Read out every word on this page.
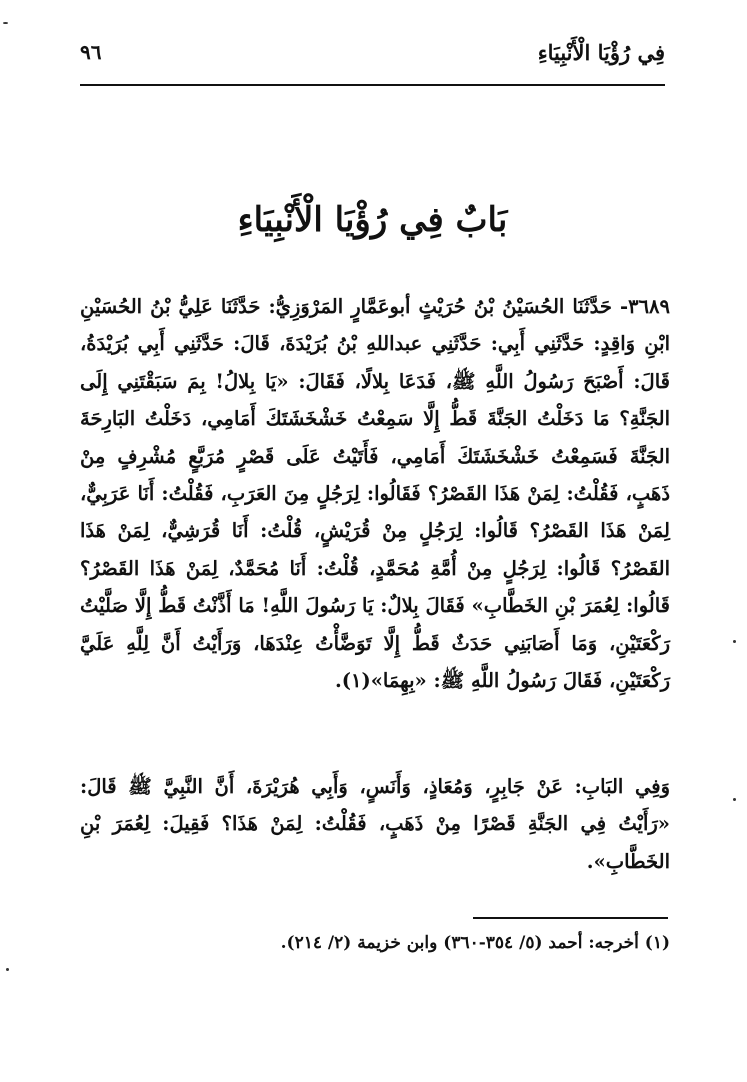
فِي رُؤْيَا الْأَنْبِيَاءِ
٩٦
بَابٌ فِي رُؤْيَا الْأَنْبِيَاءِ

٣٦٨٩- حَدَّثَنَا الحُسَيْنُ بْنُ حُرَيْثٍ أبوعَمَّارٍ المَرْوَزِيُّ: حَدَّثَنَا عَلِيُّ بْنُ الحُسَيْنِ ابْنِ وَاقِدٍ: حَدَّثَنِي أَبِي: حَدَّثَنِي عبداللهِ بْنُ بُرَيْدَةَ، قَالَ: حَدَّثَنِي أَبِي بُرَيْدَةُ، قَالَ: أَصْبَحَ رَسُولُ اللَّهِ ﷺ، فَدَعَا بِلالًا، فَقَالَ: «يَا بِلالُ! بِمَ سَبَقْتَنِي إِلَى الجَنَّةِ؟ مَا دَخَلْتُ الجَنَّةَ قَطُّ إِلَّا سَمِعْتُ خَشْخَشَتَكَ أَمَامِي، دَخَلْتُ البَارِحَةَ الجَنَّةَ فَسَمِعْتُ خَشْخَشَتَكَ أَمَامِي، فَأَتَيْتُ عَلَى قَصْرٍ مُرَبَّعٍ مُشْرِفٍ مِنْ ذَهَبٍ، فَقُلْتُ: لِمَنْ هَذَا القَصْرُ؟ فَقَالُوا: لِرَجُلٍ مِنَ العَرَبِ، فَقُلْتُ: أَنَا عَرَبِيٌّ، لِمَنْ هَذَا القَصْرُ؟ قَالُوا: لِرَجُلٍ مِنْ قُرَيْشٍ، قُلْتُ: أَنَا قُرَشِيٌّ، لِمَنْ هَذَا القَصْرُ؟ قَالُوا: لِرَجُلٍ مِنْ أُمَّةِ مُحَمَّدٍ، قُلْتُ: أَنَا مُحَمَّدٌ، لِمَنْ هَذَا القَصْرُ؟ قَالُوا: لِعُمَرَ بْنِ الخَطَّابِ» فَقَالَ بِلالٌ: يَا رَسُولَ اللَّهِ! مَا أَذَّنْتُ قَطُّ إِلَّا صَلَّيْتُ رَكْعَتَيْنِ، وَمَا أَصَابَنِي حَدَثٌ قَطُّ إِلَّا تَوَضَّأْتُ عِنْدَهَا، وَرَأَيْتُ أَنَّ لِلَّهِ عَلَيَّ رَكْعَتَيْنِ، فَقَالَ رَسُولُ اللَّهِ ﷺ: «بِهِمَا»(١).

وَفِي البَابِ: عَنْ جَابِرٍ، وَمُعَاذٍ، وَأَنَسٍ، وَأَبِي هُرَيْرَةَ، أَنَّ النَّبِيَّ ﷺ قَالَ: «رَأَيْتُ فِي الجَنَّةِ قَصْرًا مِنْ ذَهَبٍ، فَقُلْتُ: لِمَنْ هَذَا؟ فَقِيلَ: لِعُمَرَ بْنِ الخَطَّابِ».

(١) أخرجه: أحمد (٥/ ٣٥٤-٣٦٠) وابن خزيمة (٢/ ٢١٤).
